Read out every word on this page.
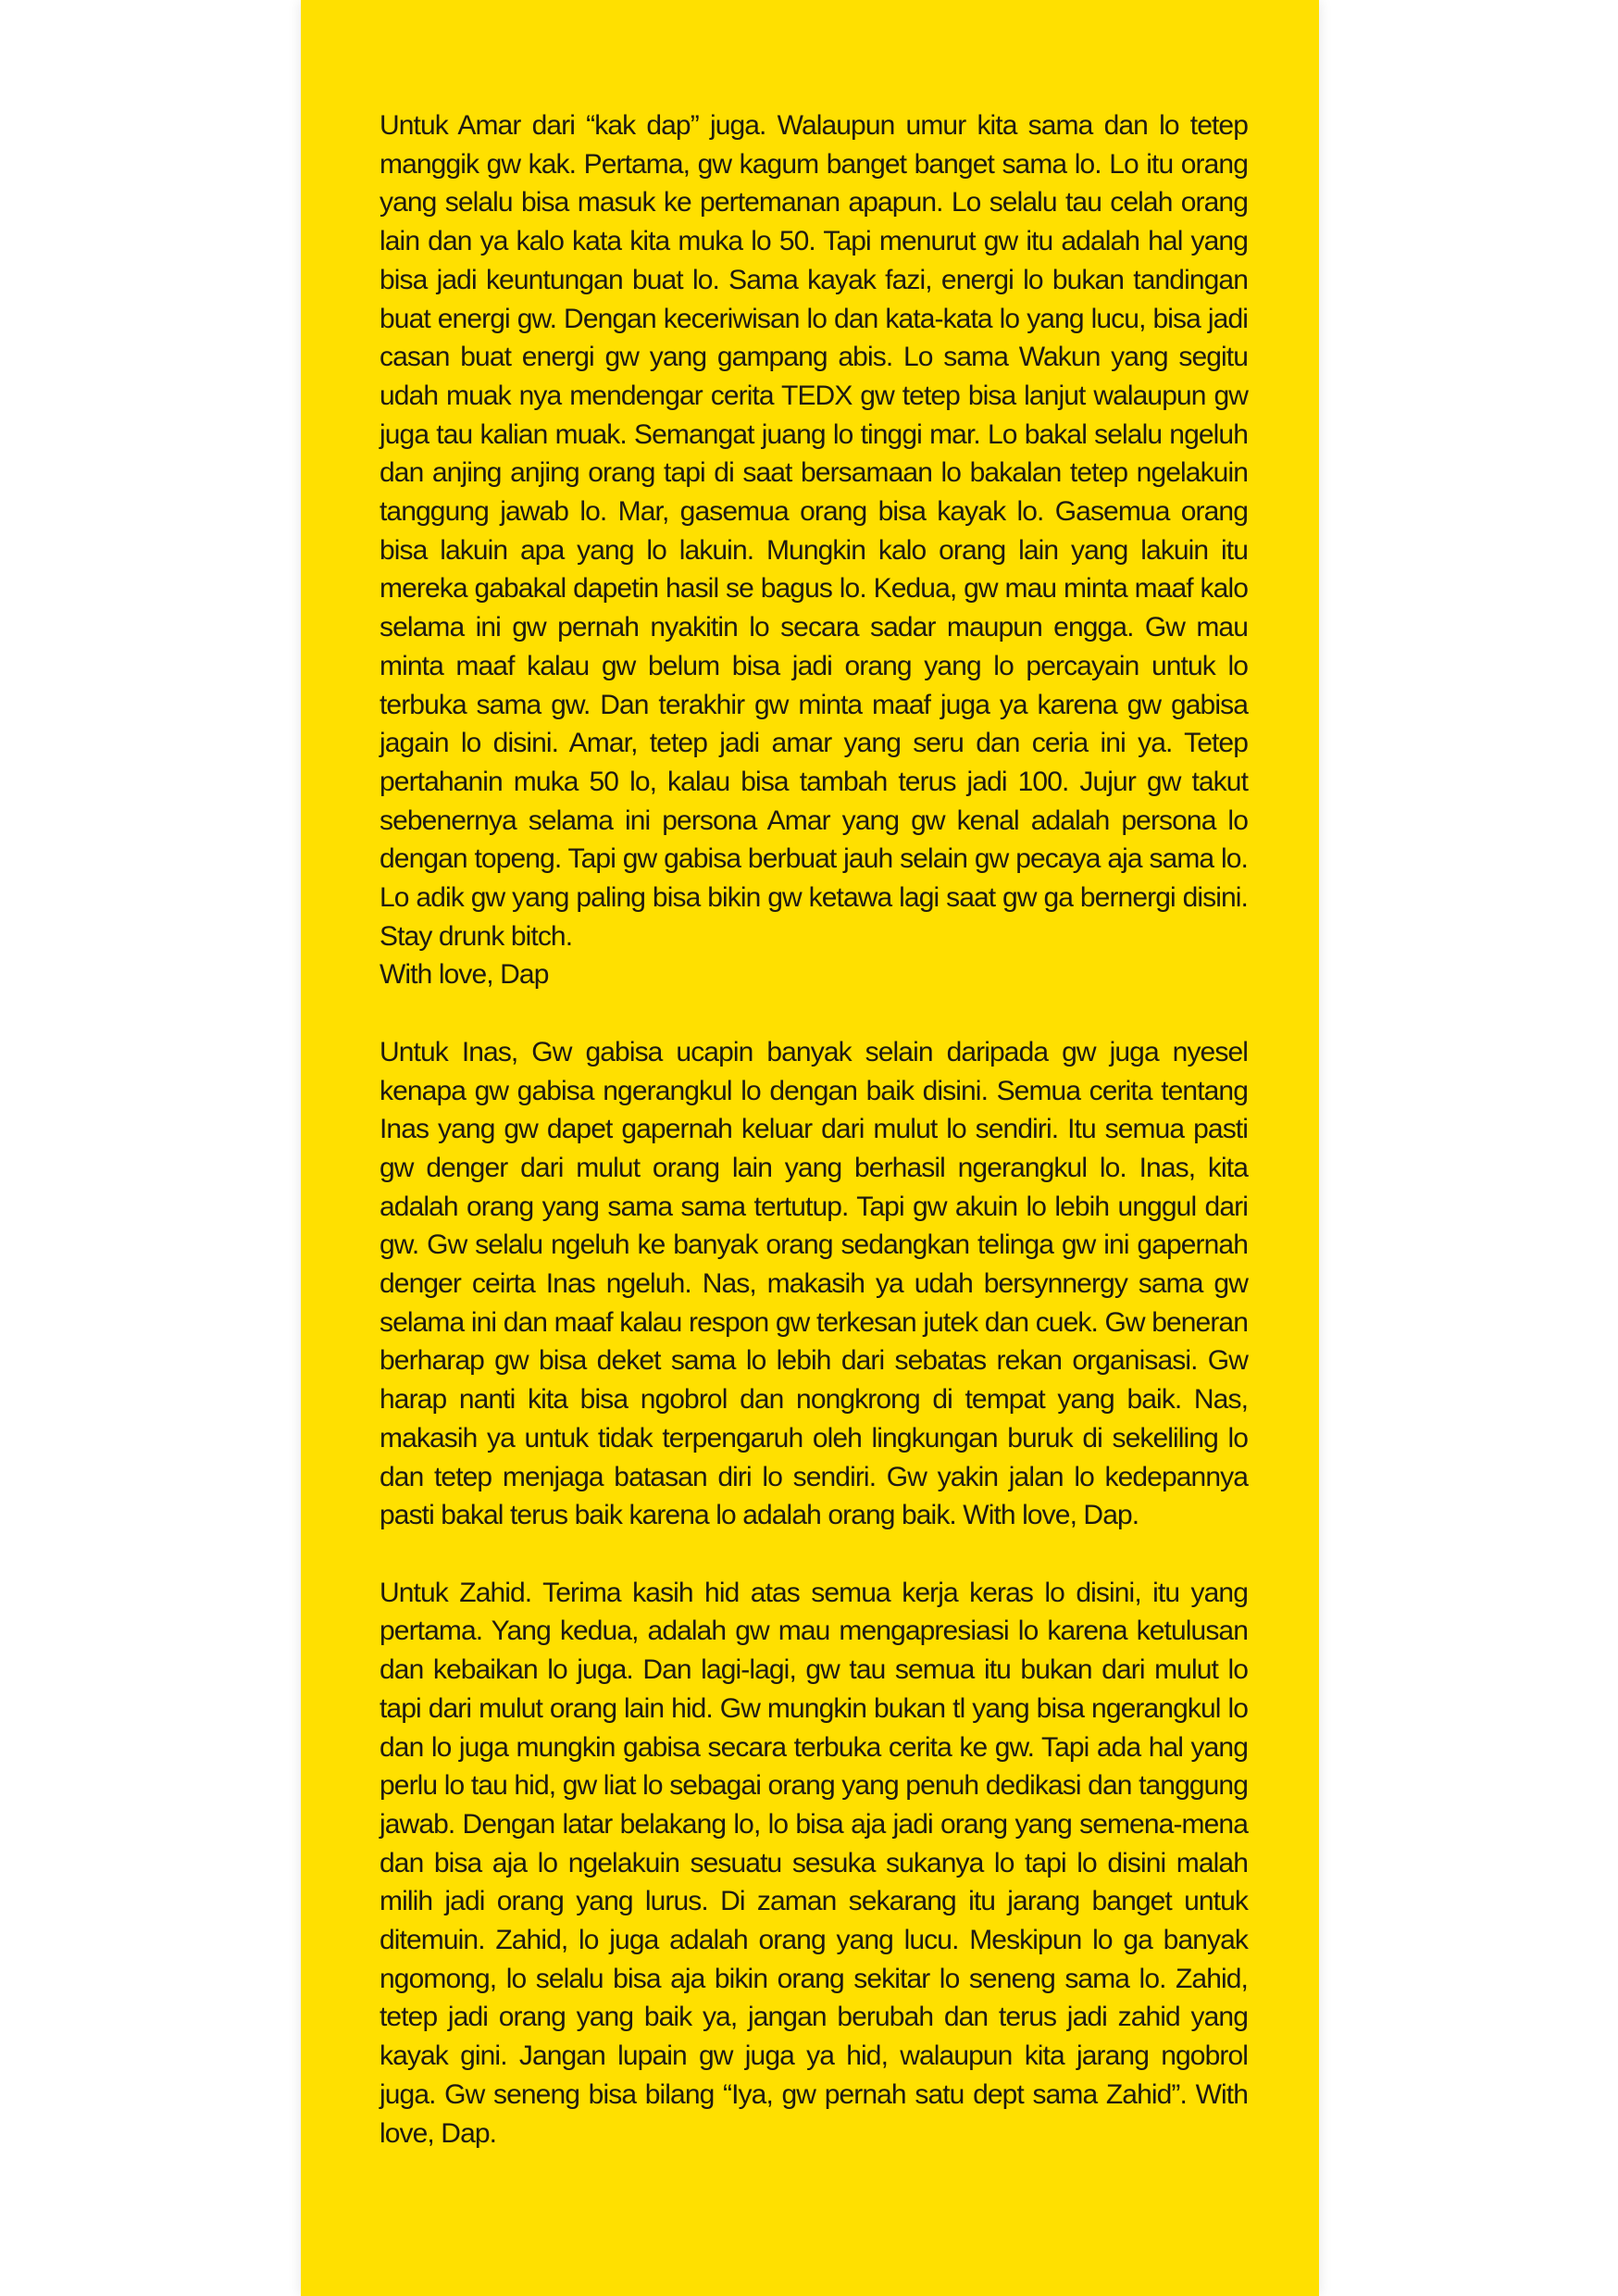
Untuk Amar dari “kak dap” juga. Walaupun umur kita sama dan lo tetep manggik gw kak. Pertama, gw kagum banget banget sama lo. Lo itu orang yang selalu bisa masuk ke pertemanan apapun. Lo selalu tau celah orang lain dan ya kalo kata kita muka lo 50. Tapi menurut gw itu adalah hal yang bisa jadi keuntungan buat lo. Sama kayak fazi, energi lo bukan tandingan buat energi gw. Dengan keceriwisan lo dan kata-kata lo yang lucu, bisa jadi casan buat energi gw yang gampang abis. Lo sama Wakun yang segitu udah muak nya mendengar cerita TEDX gw tetep bisa lanjut walaupun gw juga tau kalian muak. Semangat juang lo tinggi mar. Lo bakal selalu ngeluh dan anjing anjing orang tapi di saat bersamaan lo bakalan tetep ngelakuin tanggung jawab lo. Mar, gasemua orang bisa kayak lo. Gasemua orang bisa lakuin apa yang lo lakuin. Mungkin kalo orang lain yang lakuin itu mereka gabakal dapetin hasil se bagus lo. Kedua, gw mau minta maaf kalo selama ini gw pernah nyakitin lo secara sadar maupun engga. Gw mau minta maaf kalau gw belum bisa jadi orang yang lo percayain untuk lo terbuka sama gw. Dan terakhir gw minta maaf juga ya karena gw gabisa jagain lo disini. Amar, tetep jadi amar yang seru dan ceria ini ya. Tetep pertahanin muka 50 lo, kalau bisa tambah terus jadi 100. Jujur gw takut sebenernya selama ini persona Amar yang gw kenal adalah persona lo dengan topeng. Tapi gw gabisa berbuat jauh selain gw pecaya aja sama lo. Lo adik gw yang paling bisa bikin gw ketawa lagi saat gw ga bernergi disini. Stay drunk bitch.

With love, Dap

Untuk Inas, Gw gabisa ucapin banyak selain daripada gw juga nyesel kenapa gw gabisa ngerangkul lo dengan baik disini. Semua cerita tentang Inas yang gw dapet gapernah keluar dari mulut lo sendiri. Itu semua pasti gw denger dari mulut orang lain yang berhasil ngerangkul lo. Inas, kita adalah orang yang sama sama tertutup. Tapi gw akuin lo lebih unggul dari gw. Gw selalu ngeluh ke banyak orang sedangkan telinga gw ini gapernah denger ceirta Inas ngeluh. Nas, makasih ya udah bersynnergy sama gw selama ini dan maaf kalau respon gw terkesan jutek dan cuek. Gw beneran berharap gw bisa deket sama lo lebih dari sebatas rekan organisasi. Gw harap nanti kita bisa ngobrol dan nongkrong di tempat yang baik. Nas, makasih ya untuk tidak terpengaruh oleh lingkungan buruk di sekeliling lo dan tetep menjaga batasan diri lo sendiri. Gw yakin jalan lo kedepannya pasti bakal terus baik karena lo adalah orang baik. With love, Dap.

Untuk Zahid. Terima kasih hid atas semua kerja keras lo disini, itu yang pertama. Yang kedua, adalah gw mau mengapresiasi lo karena ketulusan dan kebaikan lo juga. Dan lagi-lagi, gw tau semua itu bukan dari mulut lo tapi dari mulut orang lain hid. Gw mungkin bukan tl yang bisa ngerangkul lo dan lo juga mungkin gabisa secara terbuka cerita ke gw. Tapi ada hal yang perlu lo tau hid, gw liat lo sebagai orang yang penuh dedikasi dan tanggung jawab. Dengan latar belakang lo, lo bisa aja jadi orang yang semena-mena dan bisa aja lo ngelakuin sesuatu sesuka sukanya lo tapi lo disini malah milih jadi orang yang lurus. Di zaman sekarang itu jarang banget untuk ditemuin. Zahid, lo juga adalah orang yang lucu. Meskipun lo ga banyak ngomong, lo selalu bisa aja bikin orang sekitar lo seneng sama lo. Zahid, tetep jadi orang yang baik ya, jangan berubah dan terus jadi zahid yang kayak gini. Jangan lupain gw juga ya hid, walaupun kita jarang ngobrol juga. Gw seneng bisa bilang “Iya, gw pernah satu dept sama Zahid”. With love, Dap.
